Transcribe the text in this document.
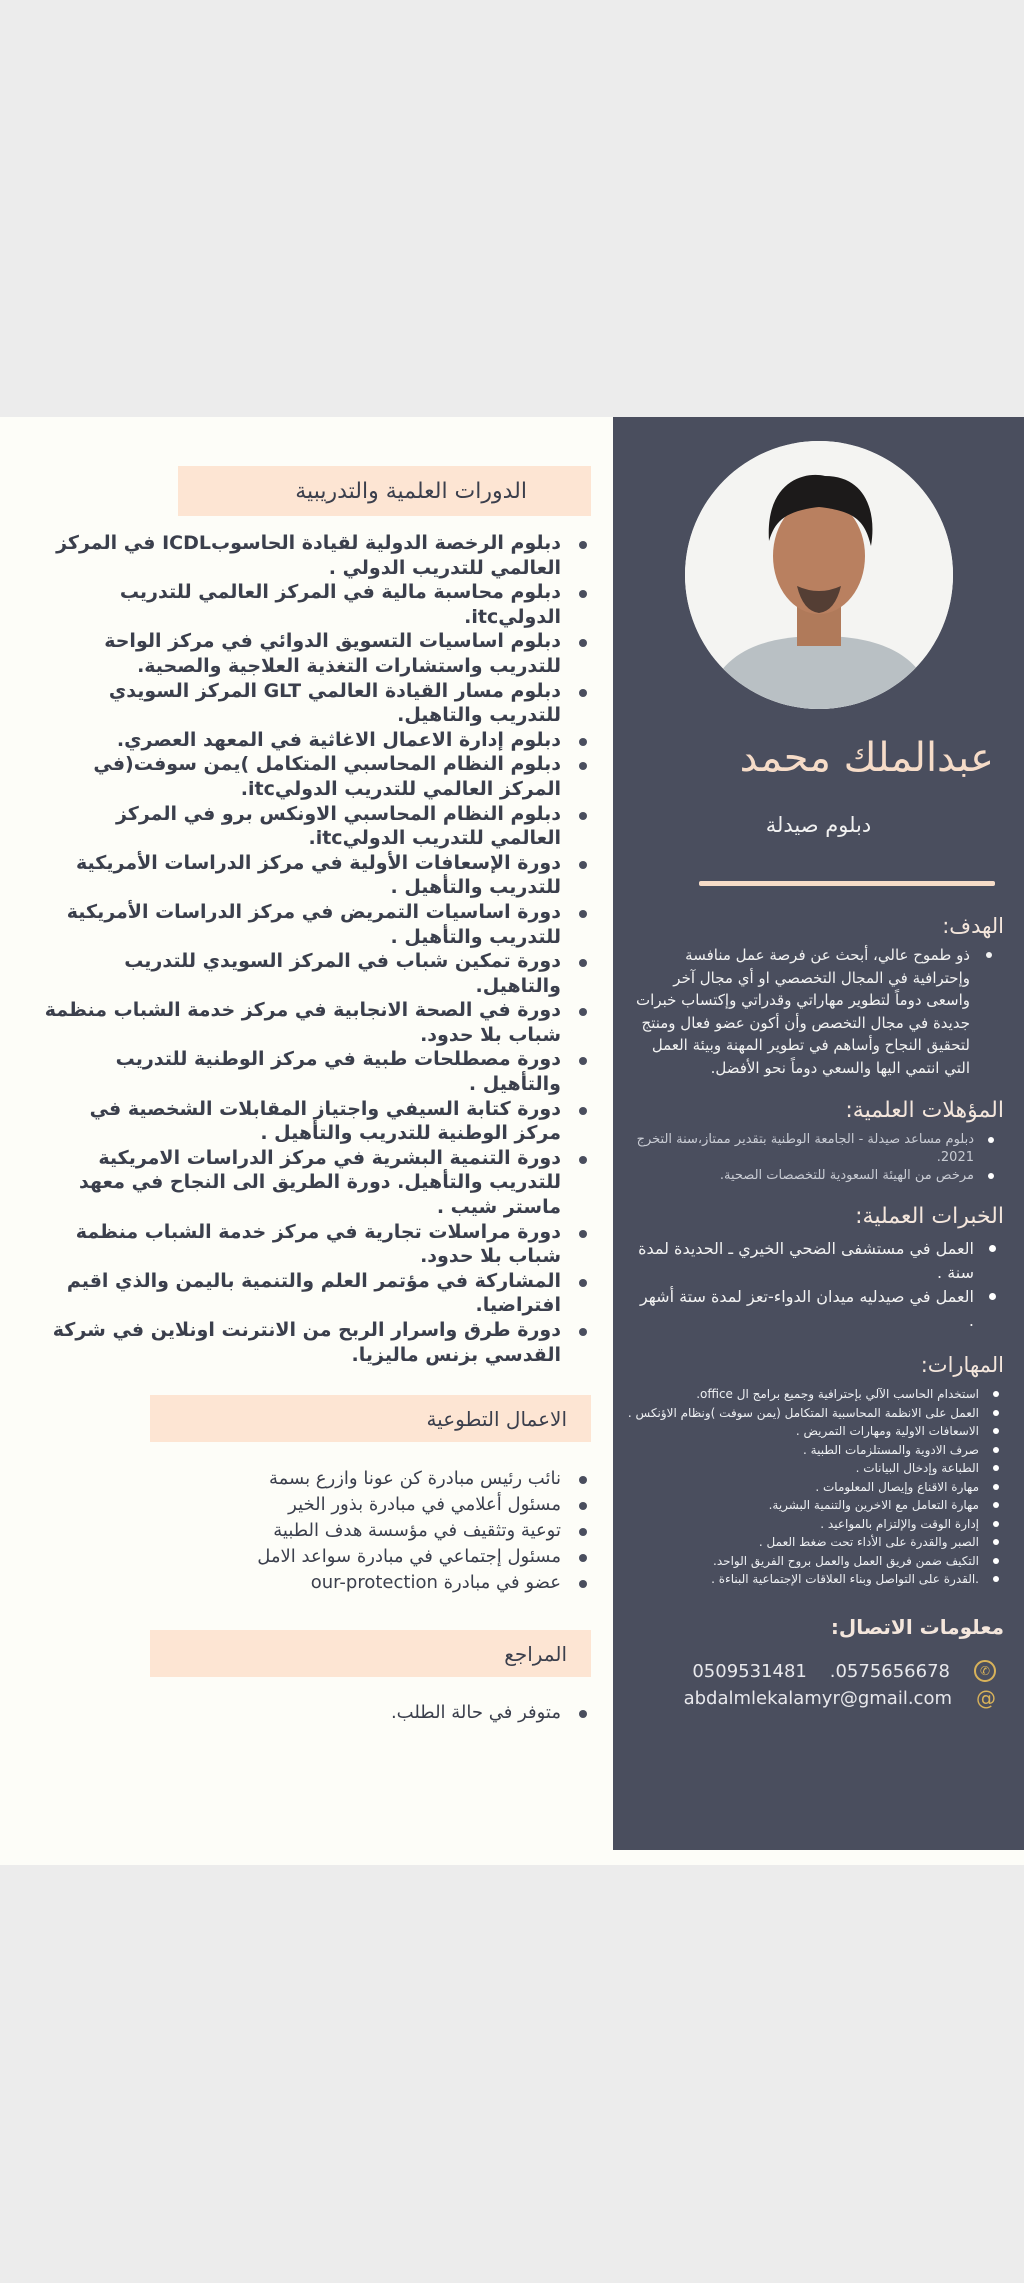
عبدالملك محمد
دبلوم صيدلة
الهدف:
ذو طموح عالي، أبحث عن فرصة عمل منافسة وإحترافية في المجال التخصصي او أي مجال آخر واسعى دوماً لتطوير مهاراتي وقدراتي وإكتساب خبرات جديدة في مجال التخصص وأن أكون عضو فعال ومنتج لتحقيق النجاح وأساهم في تطوير المهنة وبيئة العمل التي انتمي اليها والسعي دوماً نحو الأفضل.
المؤهلات العلمية:
دبلوم مساعد صيدلة - الجامعة الوطنية بتقدير ممتاز،سنة التخرج 2021.
مرخص من الهيئة السعودية للتخصصات الصحية.
الخبرات العملية:
العمل في مستشفى الضحي الخيري ـ الحديدة لمدة سنة .
العمل في صيدليه ميدان الدواء-تعز لمدة ستة أشهر .
المهارات:
استخدام الحاسب الآلي بإحترافية وجميع برامج ال office.
العمل على الانظمة المحاسبية المتكامل (يمن سوفت )ونظام الاؤنكس .
الاسعافات الاولية ومهارات التمريض .
صرف الادوية والمستلزمات الطبية .
الطباعة وإدخال البيانات .
مهارة الاقناع وإيصال المعلومات .
مهارة التعامل مع الاخرين والتنمية البشرية.
إدارة الوقت والإلتزام بالمواعيد .
الصبر والقدرة على الأداء تحت ضغط العمل .
التكيف ضمن فريق العمل والعمل بروح الفريق الواحد.
.القدرة على التواصل وبناء العلاقات الإجتماعية البناءة .
معلومات الاتصال:
0509531481    .0575656678	✆
abdalmlekalamyr@gmail.com @
الدورات العلمية والتدريبية
دبلوم الرخصة الدولية لقيادة الحاسوبICDL في المركز العالمي للتدريب الدولي .
دبلوم محاسبة مالية في المركز العالمي للتدريب الدوليitc.
دبلوم اساسيات التسويق الدوائي في مركز الواحة للتدريب واستشارات التغذية العلاجية والصحية.
دبلوم مسار القيادة العالمي GLT المركز السويدي للتدريب والتاهيل.
دبلوم إدارة الاعمال الاغاثية في المعهد العصري.
دبلوم النظام المحاسبي المتكامل )يمن سوفت(في المركز العالمي للتدريب الدوليitc.
دبلوم النظام المحاسبي الاونكس برو في المركز العالمي للتدريب الدوليitc.
دورة الإسعافات الأولية في مركز الدراسات الأمريكية للتدريب والتأهيل .
دورة اساسيات التمريض في مركز الدراسات الأمريكية للتدريب والتأهيل .
دورة تمكين شباب في المركز السويدي للتدريب والتاهيل.
دورة في الصحة الانجابية في مركز خدمة الشباب منظمة شباب بلا حدود.
دورة مصطلحات طبية في مركز الوطنية للتدريب والتأهيل .
دورة كتابة السيفي واجتياز المقابلات الشخصية في مركز الوطنية للتدريب والتأهيل .
دورة التنمية البشرية في مركز الدراسات الامريكية للتدريب والتأهيل. دورة الطريق الى النجاح في معهد ماستر شيب .
دورة مراسلات تجارية في مركز خدمة الشباب منظمة شباب بلا حدود.
المشاركة في مؤتمر العلم والتنمية باليمن والذي اقيم افتراضيا.
دورة طرق واسرار الربح من الانترنت اونلاين في شركة القدسي بزنس ماليزيا.
الاعمال التطوعية
نائب رئيس مبادرة كن عونا وازرع بسمة
مسئول أعلامي في مبادرة بذور الخير
توعية وتثقيف في مؤسسة هدف الطبية
مسئول إجتماعي في مبادرة سواعد الامل
عضو في مبادرة our-protection
المراجع
متوفر في حالة الطلب.
